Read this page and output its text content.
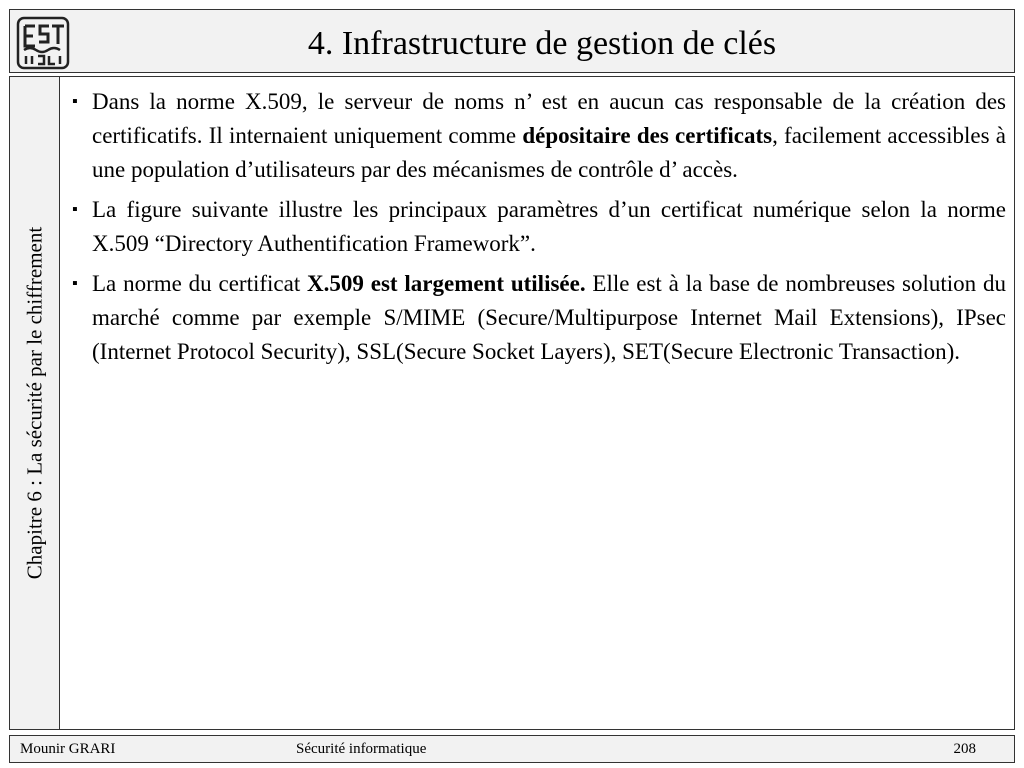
4. Infrastructure de gestion de clés
Chapitre 6 : La sécurité par le chiffrement
▪ Dans la norme X.509, le serveur de noms n’ est en aucun cas responsable de la création des certificatifs. Il internaient uniquement comme dépositaire des certificats, facilement accessibles à une population d’utilisateurs par des mécanismes de contrôle d’ accès.
▪ La figure suivante illustre les principaux paramètres d’un certificat numérique selon la norme X.509 “Directory Authentification Framework”.
▪ La norme du certificat X.509 est largement utilisée. Elle est à la base de nombreuses solution du marché comme par exemple S/MIME (Secure/Multipurpose Internet Mail Extensions), IPsec (Internet Protocol Security), SSL(Secure Socket Layers), SET(Secure Electronic Transaction).
Mounir GRARI	Sécurité informatique	208
